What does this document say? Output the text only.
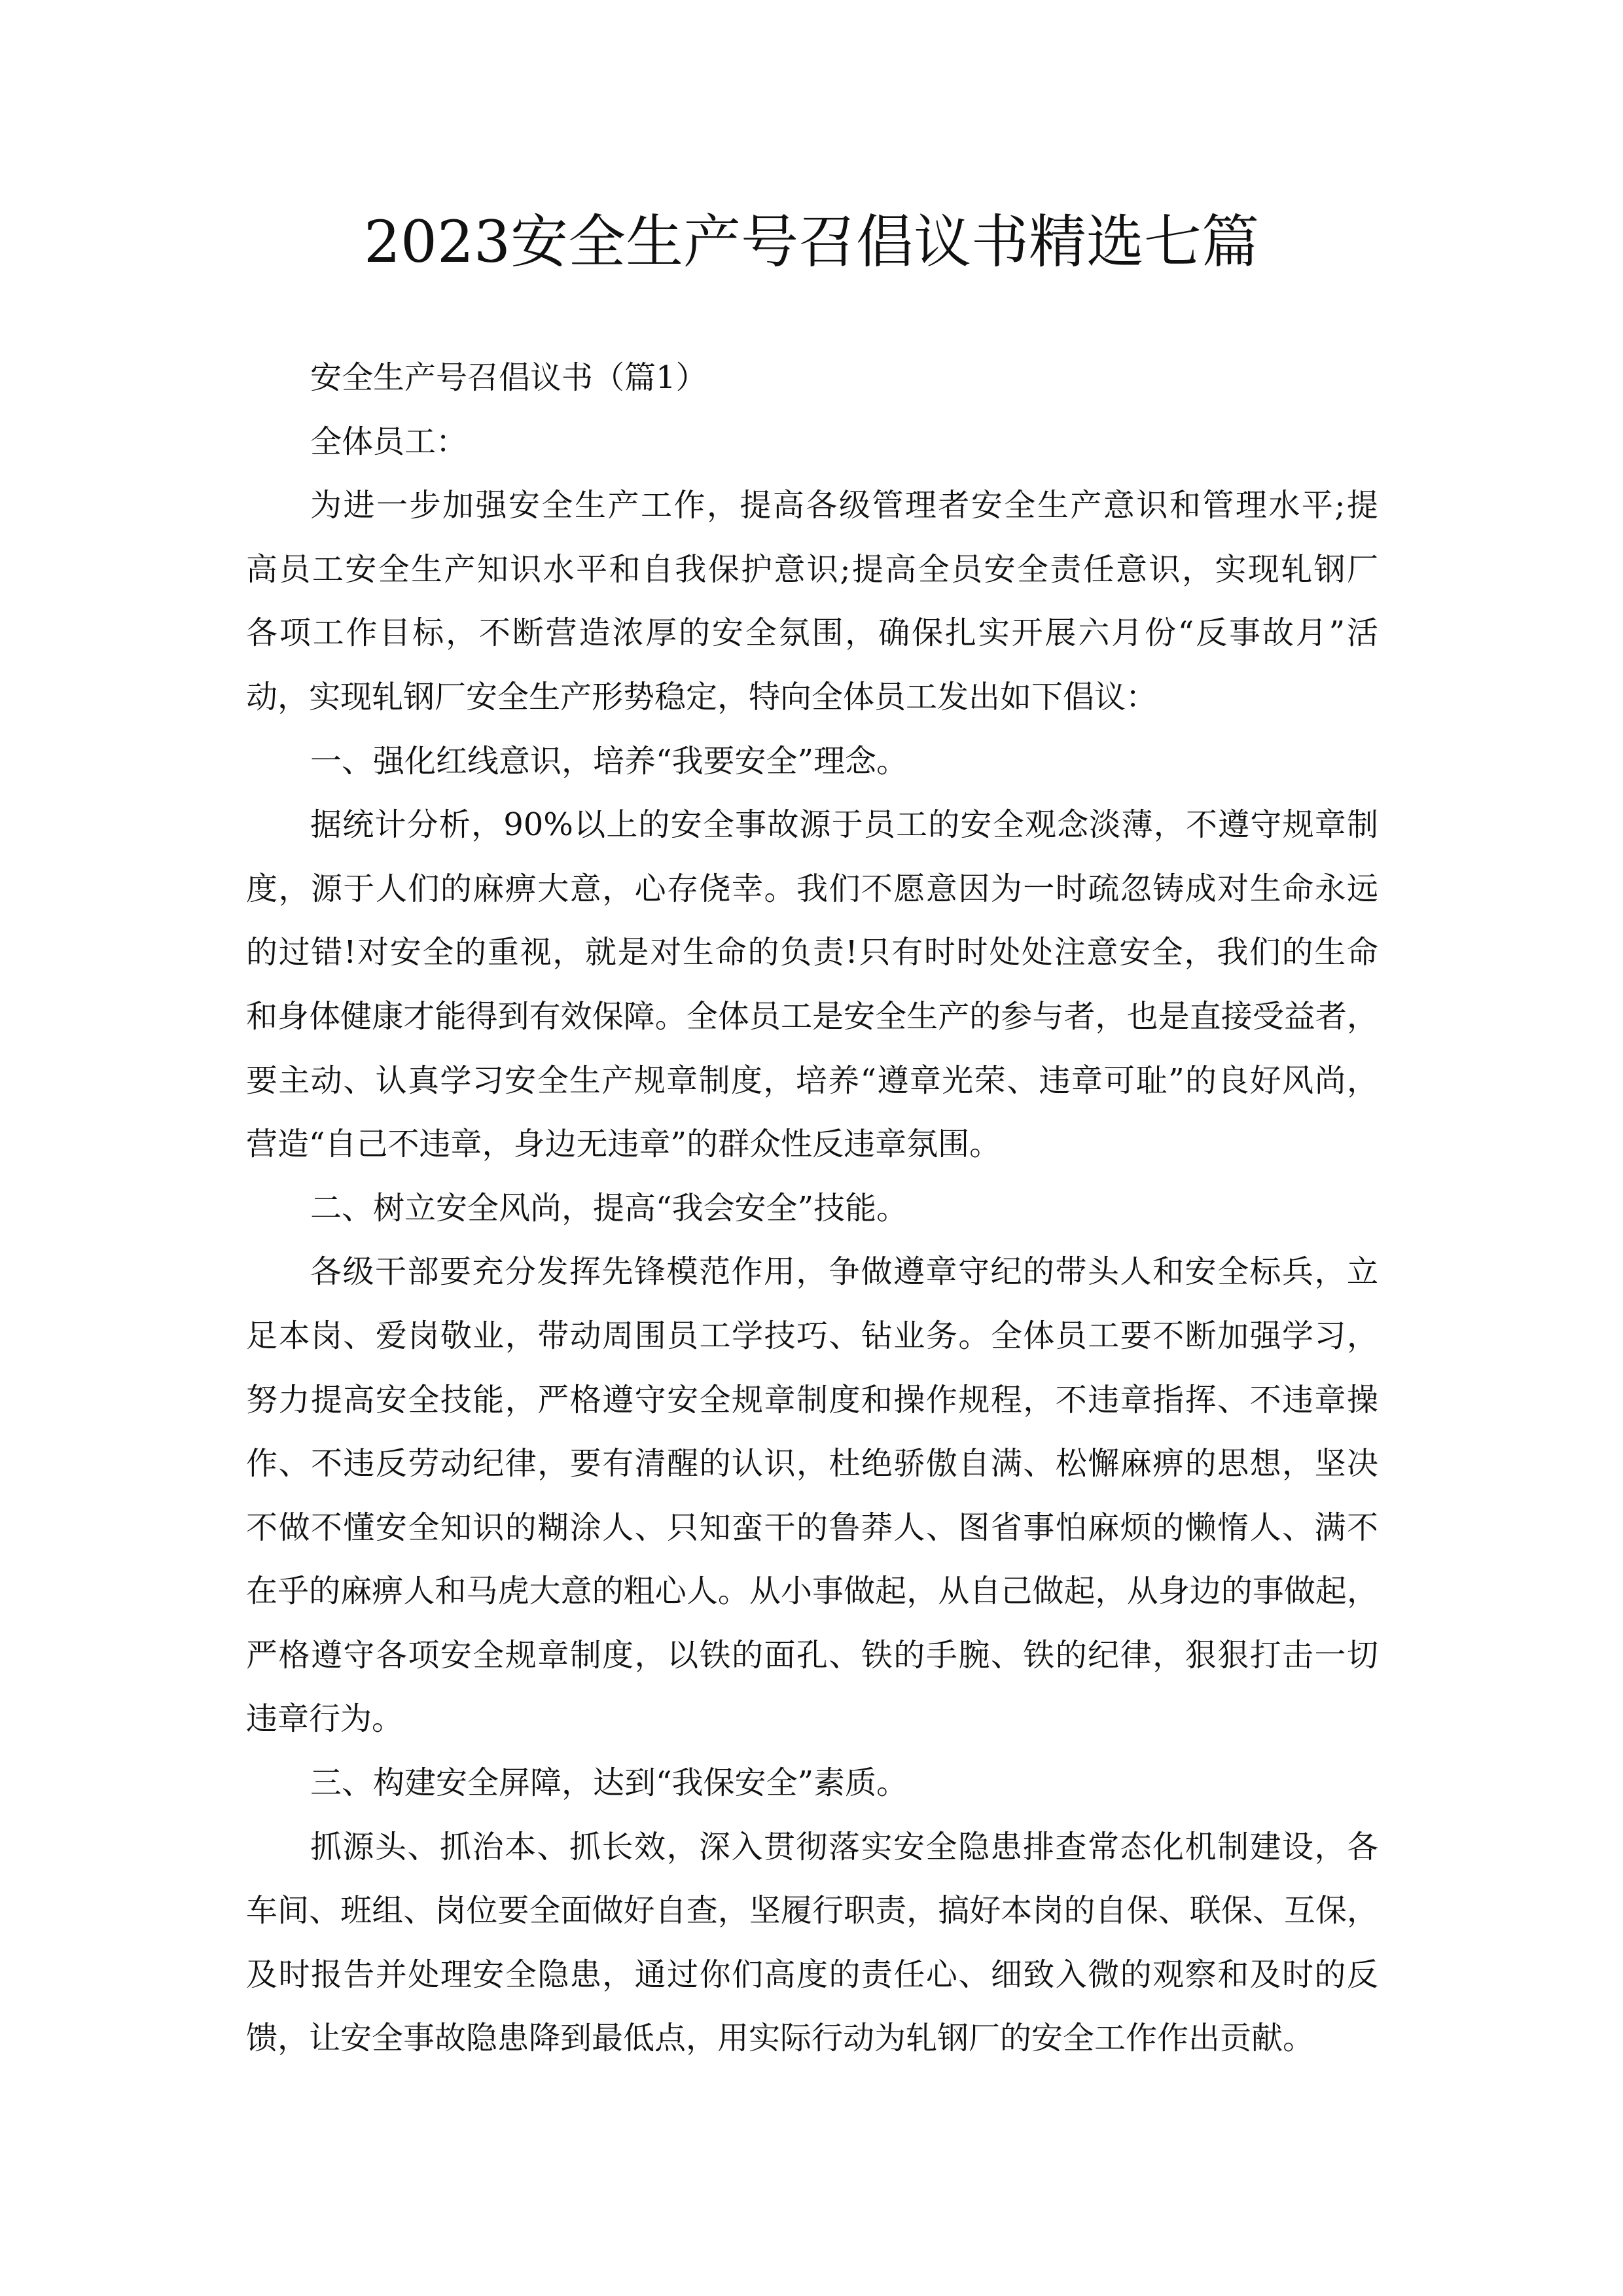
2023安全生产号召倡议书精选七篇
安全生产号召倡议书（篇1）
全体员工：
为进一步加强安全生产工作，提高各级管理者安全生产意识和管理水平;提
高员工安全生产知识水平和自我保护意识;提高全员安全责任意识，实现轧钢厂
各项工作目标，不断营造浓厚的安全氛围，确保扎实开展六月份“反事故月”活
动，实现轧钢厂安全生产形势稳定，特向全体员工发出如下倡议：
一、强化红线意识，培养“我要安全”理念。
据统计分析，90%以上的安全事故源于员工的安全观念淡薄，不遵守规章制
度，源于人们的麻痹大意，心存侥幸。我们不愿意因为一时疏忽铸成对生命永远
的过错!对安全的重视，就是对生命的负责!只有时时处处注意安全，我们的生命
和身体健康才能得到有效保障。全体员工是安全生产的参与者，也是直接受益者，
要主动、认真学习安全生产规章制度，培养“遵章光荣、违章可耻”的良好风尚，
营造“自己不违章，身边无违章”的群众性反违章氛围。
二、树立安全风尚，提高“我会安全”技能。
各级干部要充分发挥先锋模范作用，争做遵章守纪的带头人和安全标兵，立
足本岗、爱岗敬业，带动周围员工学技巧、钻业务。全体员工要不断加强学习，
努力提高安全技能，严格遵守安全规章制度和操作规程，不违章指挥、不违章操
作、不违反劳动纪律，要有清醒的认识，杜绝骄傲自满、松懈麻痹的思想，坚决
不做不懂安全知识的糊涂人、只知蛮干的鲁莽人、图省事怕麻烦的懒惰人、满不
在乎的麻痹人和马虎大意的粗心人。从小事做起，从自己做起，从身边的事做起，
严格遵守各项安全规章制度，以铁的面孔、铁的手腕、铁的纪律，狠狠打击一切
违章行为。
三、构建安全屏障，达到“我保安全”素质。
抓源头、抓治本、抓长效，深入贯彻落实安全隐患排查常态化机制建设，各
车间、班组、岗位要全面做好自查，坚履行职责，搞好本岗的自保、联保、互保，
及时报告并处理安全隐患，通过你们高度的责任心、细致入微的观察和及时的反
馈，让安全事故隐患降到最低点，用实际行动为轧钢厂的安全工作作出贡献。
